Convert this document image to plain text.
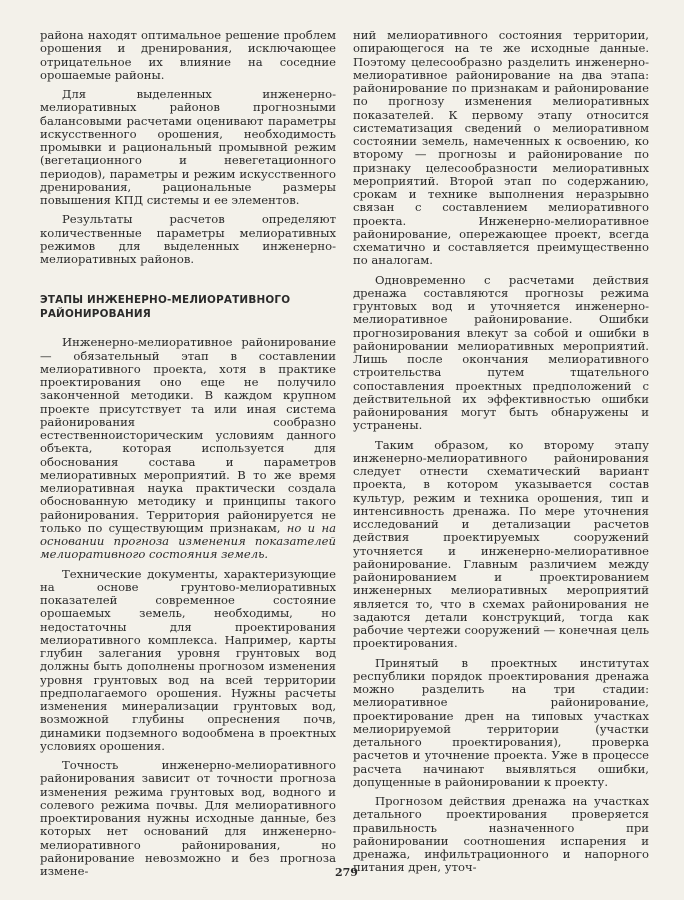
района находят оптимальное решение проблем орошения и дренирования, исключающее отрицательное их влияние на соседние орошаемые районы.

Для выделенных инженерно-мелиоративных районов прогнозными балансовыми расчетами оценивают параметры искусственного орошения, необходимость промывки и рациональный промывной режим (вегетационного и невегетационного периодов), параметры и режим искусственного дренирования, рациональные размеры повышения КПД системы и ее элементов.

Результаты расчетов определяют количественные параметры мелиоративных режимов для выделенных инженерно-мелиоративных районов.

ЭТАПЫ ИНЖЕНЕРНО-МЕЛИОРАТИВНОГО РАЙОНИРОВАНИЯ

Инженерно-мелиоративное районирование — обязательный этап в составлении мелиоративного проекта, хотя в практике проектирования оно еще не получило законченной методики. В каждом крупном проекте присутствует та или иная система районирования сообразно естественноисторическим условиям данного объекта, которая используется для обоснования состава и параметров мелиоративных мероприятий. В то же время мелиоративная наука практически создала обоснованную методику и принципы такого районирования. Территория районируется не только по существующим признакам, но и на основании прогноза изменения показателей мелиоративного состояния земель.

Технические документы, характеризующие на основе грунтово-мелиоративных показателей современное состояние орошаемых земель, необходимы, но недостаточны для проектирования мелиоративного комплекса. Например, карты глубин залегания уровня грунтовых вод должны быть дополнены прогнозом изменения уровня грунтовых вод на всей территории предполагаемого орошения. Нужны расчеты изменения минерализации грунтовых вод, возможной глубины опреснения почв, динамики подземного водообмена в проектных условиях орошения.

Точность инженерно-мелиоративного районирования зависит от точности прогноза изменения режима грунтовых вод, водного и солевого режима почвы. Для мелиоративного проектирования нужны исходные данные, без которых нет оснований для инженерно-мелиоративного районирования, но районирование невозможно и без прогноза измене-

ний мелиоративного состояния территории, опирающегося на те же исходные данные. Поэтому целесообразно разделить инженерно-мелиоративное районирование на два этапа: районирование по признакам и районирование по прогнозу изменения мелиоративных показателей. К первому этапу относится систематизация сведений о мелиоративном состоянии земель, намеченных к освоению, ко второму — прогнозы и районирование по признаку целесообразности мелиоративных мероприятий. Второй этап по содержанию, срокам и технике выполнения неразрывно связан с составлением мелиоративного проекта. Инженерно-мелиоративное районирование, опережающее проект, всегда схематично и составляется преимущественно по аналогам.

Одновременно с расчетами действия дренажа составляются прогнозы режима грунтовых вод и уточняется инженерно-мелиоративное районирование. Ошибки прогнозирования влекут за собой и ошибки в районировании мелиоративных мероприятий. Лишь после окончания мелиоративного строительства путем тщательного сопоставления проектных предположений с действительной их эффективностью ошибки районирования могут быть обнаружены и устранены.

Таким образом, ко второму этапу инженерно-мелиоративного районирования следует отнести схематический вариант проекта, в котором указывается состав культур, режим и техника орошения, тип и интенсивность дренажа. По мере уточнения исследований и детализации расчетов действия проектируемых сооружений уточняется и инженерно-мелиоративное районирование. Главным различием между районированием и проектированием инженерных мелиоративных мероприятий является то, что в схемах районирования не задаются детали конструкций, тогда как рабочие чертежи сооружений — конечная цель проектирования.

Принятый в проектных институтах республики порядок проектирования дренажа можно разделить на три стадии: мелиоративное районирование, проектирование дрен на типовых участках мелиорируемой территории (участки детального проектирования), проверка расчетов и уточнение проекта. Уже в процессе расчета начинают выявляться ошибки, допущенные в районировании к проекту.

Прогнозом действия дренажа на участках детального проектирования проверяется правильность назначенного при районировании соотношения испарения и дренажа, инфильтрационного и напорного питания дрен, уточ-

279
